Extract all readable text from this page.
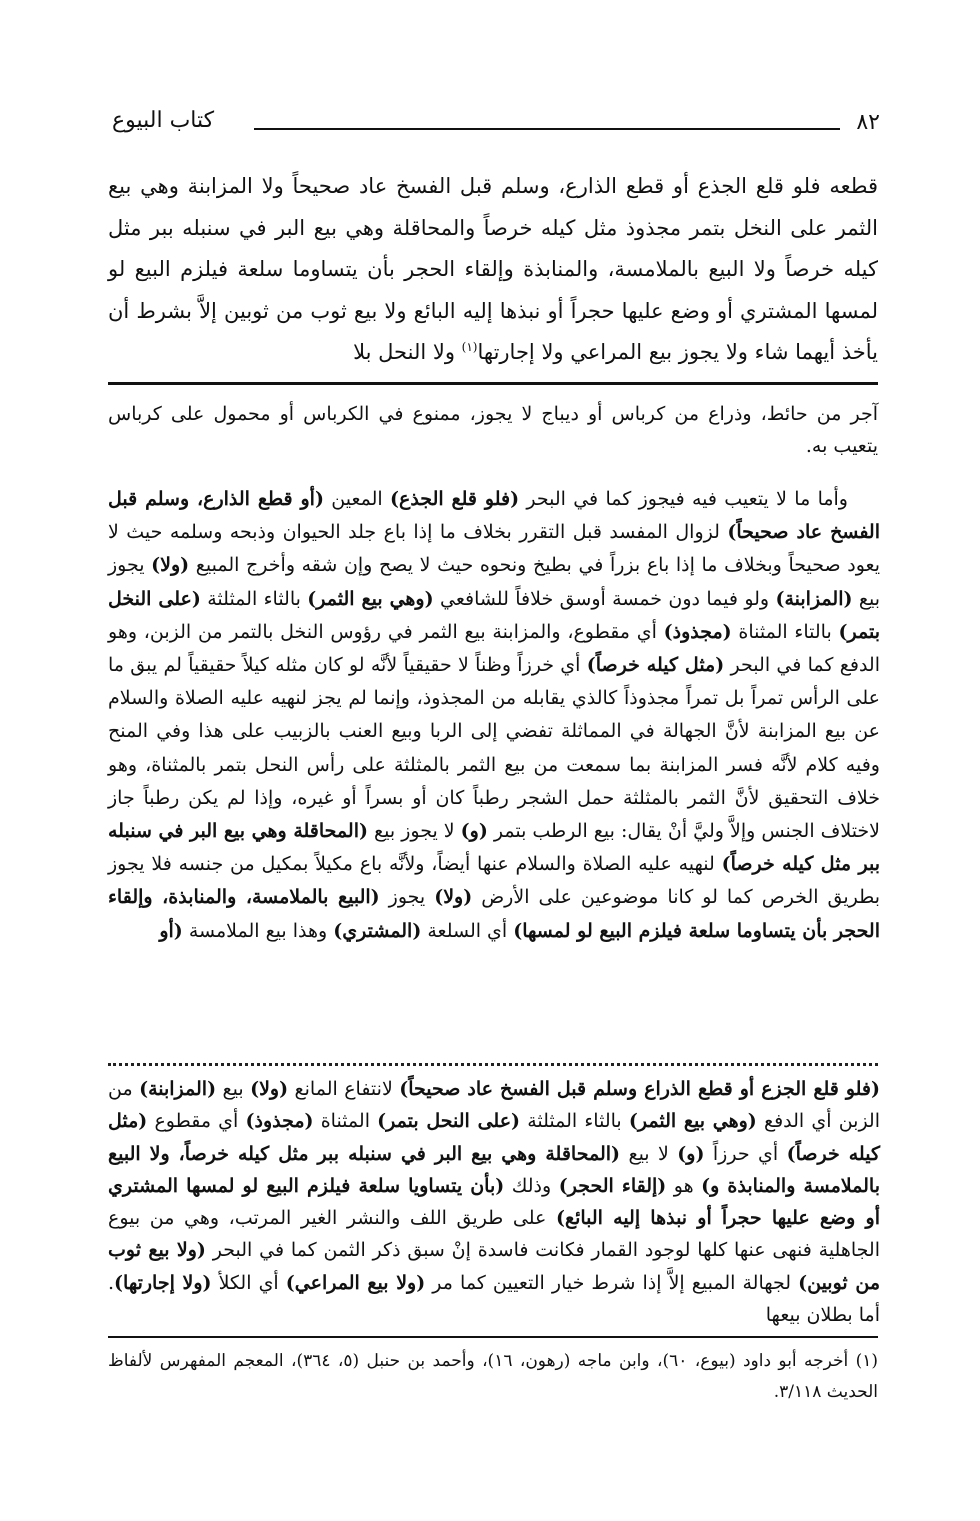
٨٢
كتاب البيوع
قطعه فلو قلع الجذع أو قطع الذارع، وسلم قبل الفسخ عاد صحيحاً ولا المزابنة وهي بيع الثمر على النخل بتمر مجذوذ مثل كيله خرصاً والمحاقلة وهي بيع البر في سنبله ببر مثل كيله خرصاً ولا البيع بالملامسة، والمنابذة وإلقاء الحجر بأن يتساوما سلعة فيلزم البيع لو لمسها المشتري أو وضع عليها حجراً أو نبذها إليه البائع ولا بيع ثوب من ثوبين إلاَّ بشرط أن يأخذ أيهما شاء ولا يجوز بيع المراعي ولا إجارتها$^{(١)}$ ولا النحل بلا
آجر من حائط، وذراع من كرباس أو ديباج لا يجوز، ممنوع في الكرباس أو محمول على كرباس يتعيب به.

وأما ما لا يتعيب فيه فيجوز كما في البحر (فلو قلع الجذع) المعين (أو قطع الذارع، وسلم قبل الفسخ عاد صحيحاً) لزوال المفسد قبل التقرر بخلاف ما إذا باع جلد الحيوان وذبحه وسلمه حيث لا يعود صحيحاً وبخلاف ما إذا باع بزراً في بطيخ ونحوه حيث لا يصح وإن شقه وأخرج المبيع (ولا) يجوز بيع (المزابنة) ولو فيما دون خمسة أوسق خلافاً للشافعي (وهي بيع الثمر) بالثاء المثلثة (على النخل بتمر) بالتاء المثناة (مجذوذ) أي مقطوع، والمزابنة بيع الثمر في رؤوس النخل بالتمر من الزبن، وهو الدفع كما في البحر (مثل كيله خرصاً) أي خرزاً وظناً لا حقيقياً لأنَّه لو كان مثله كيلاً حقيقياً لم يبق ما على الرأس تمراً بل تمراً مجذوذاً كالذي يقابله من المجذوذ، وإنما لم يجز لنهيه عليه الصلاة والسلام عن بيع المزابنة لأنَّ الجهالة في المماثلة تفضي إلى الربا وبيع العنب بالزبيب على هذا وفي المنح وفيه كلام لأنَّه فسر المزابنة بما سمعت من بيع الثمر بالمثلثة على رأس النحل بتمر بالمثناة، وهو خلاف التحقيق لأنَّ الثمر بالمثلثة حمل الشجر رطباً كان أو بسراً أو غيره، وإذا لم يكن رطباً جاز لاختلاف الجنس وإلاَّ وليَّ أنْ يقال: بيع الرطب بتمر (و) لا يجوز بيع (المحاقلة وهي بيع البر في سنبله ببر مثل كيله خرصاً) لنهيه عليه الصلاة والسلام عنها أيضاً، ولأنَّه باع مكيلاً بمكيل من جنسه فلا يجوز بطريق الخرص كما لو كانا موضوعين على الأرض (ولا) يجوز (البيع بالملامسة، والمنابذة، وإلقاء الحجر بأن يتساوما سلعة فيلزم البيع لو لمسها) أي السلعة (المشتري) وهذا بيع الملامسة (أو

(فلو قلع الجزع أو قطع الذراع وسلم قبل الفسخ عاد صحيحاً) لانتفاع المانع (ولا) بيع (المزابنة) من الزبن أي الدفع (وهي بيع الثمر) بالثاء المثلثة (على النحل بتمر) المثناة (مجذوذ) أي مقطوع (مثل كيله خرصاً) أي حرزاً (و) لا بيع (المحاقلة وهي بيع البر في سنبله ببر مثل كيله خرصاً، ولا البيع بالملامسة والمنابذة و) هو (إلقاء الحجر) وذلك (بأن يتساويا سلعة فيلزم البيع لو لمسها المشتري أو وضع عليها حجراً أو نبذها إليه البائع) على طريق اللف والنشر الغير المرتب، وهي من بيوع الجاهلية فنهى عنها كلها لوجود القمار فكانت فاسدة إنْ سبق ذكر الثمن كما في البحر (ولا بيع ثوب من ثوبين) لجهالة المبيع إلاَّ إذا شرط خيار التعيين كما مر (ولا بيع المراعي) أي الكلأ (ولا إجارتها). أما بطلان بيعها
(١) أخرجه أبو داود (بيوع، ٦٠)، وابن ماجه (رهون، ١٦)، وأحمد بن حنبل (٥، ٣٦٤)، المعجم المفهرس لألفاظ الحديث ٣/١١٨.
